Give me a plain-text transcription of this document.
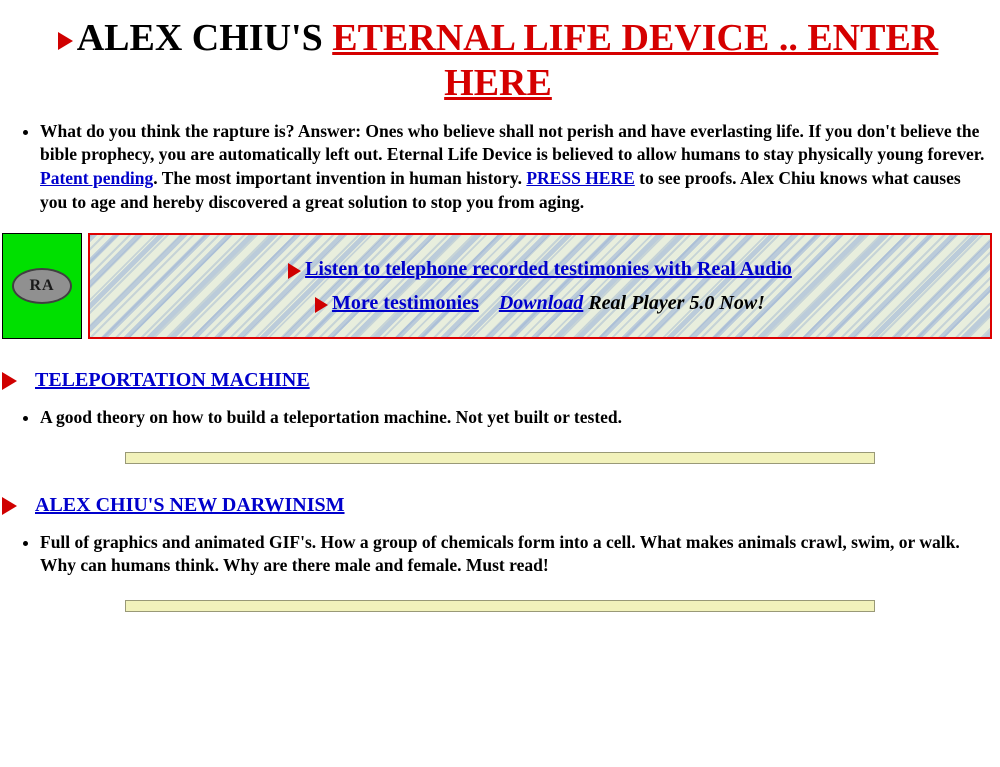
ALEX CHIU'S ETERNAL LIFE DEVICE .. ENTER HERE
• What do you think the rapture is? Answer: Ones who believe shall not perish and have everlasting life. If you don't believe the bible prophecy, you are automatically left out. Eternal Life Device is believed to allow humans to stay physically young forever. Patent pending. The most important invention in human history. PRESS HERE to see proofs. Alex Chiu knows what causes you to age and hereby discovered a great solution to stop you from aging.
RA
Listen to telephone recorded testimonies with Real Audio
More testimonies Download Real Player 5.0 Now!
TELEPORTATION MACHINE
• A good theory on how to build a teleportation machine. Not yet built or tested.
ALEX CHIU'S NEW DARWINISM
• Full of graphics and animated GIF's. How a group of chemicals form into a cell. What makes animals crawl, swim, or walk. Why can humans think. Why are there male and female. Must read!
